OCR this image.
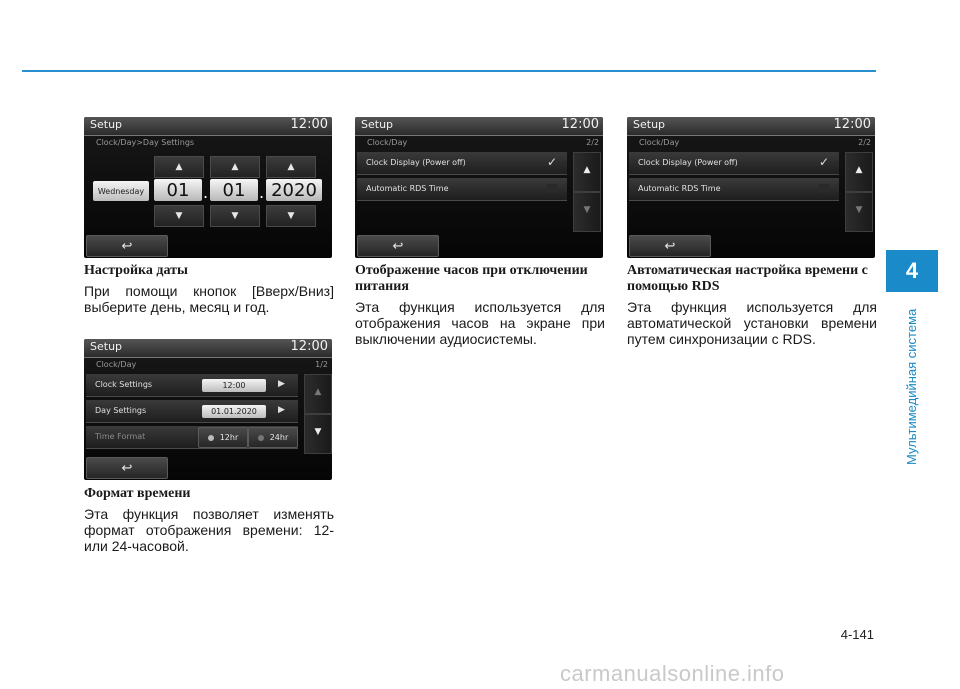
Setup	12:00
Clock/Day>Day Settings
▲	▲	▲
Wednesday	01 . 01 . 2020
▼	▼	▼
↩
Настройка даты
При помощи кнопок [Вверх/Вниз] выберите день, месяц и год.
Setup	12:00
Clock/Day	1/2
Clock Settings	12:00	▶
Day Settings	01.01.2020	▶
Time Format	12hr	24hr
▲
▼
↩
Формат времени
Эта функция позволяет изменять формат отображения времени: 12- или 24-часовой.
Setup	12:00
Clock/Day	2/2
Clock Display (Power off)	✓
Automatic RDS Time
▲
▼
↩
Отображение часов при отключении питания
Эта функция используется для отображения часов на экране при выключении аудиосистемы.
Setup	12:00
Clock/Day	2/2
Clock Display (Power off)	✓
Automatic RDS Time
▲
▼
↩
Автоматическая настройка времени с помощью RDS
Эта функция используется для автоматической установки времени путем синхронизации с RDS.
4
Мультимедийная система
4-141
carmanualsonline.info
